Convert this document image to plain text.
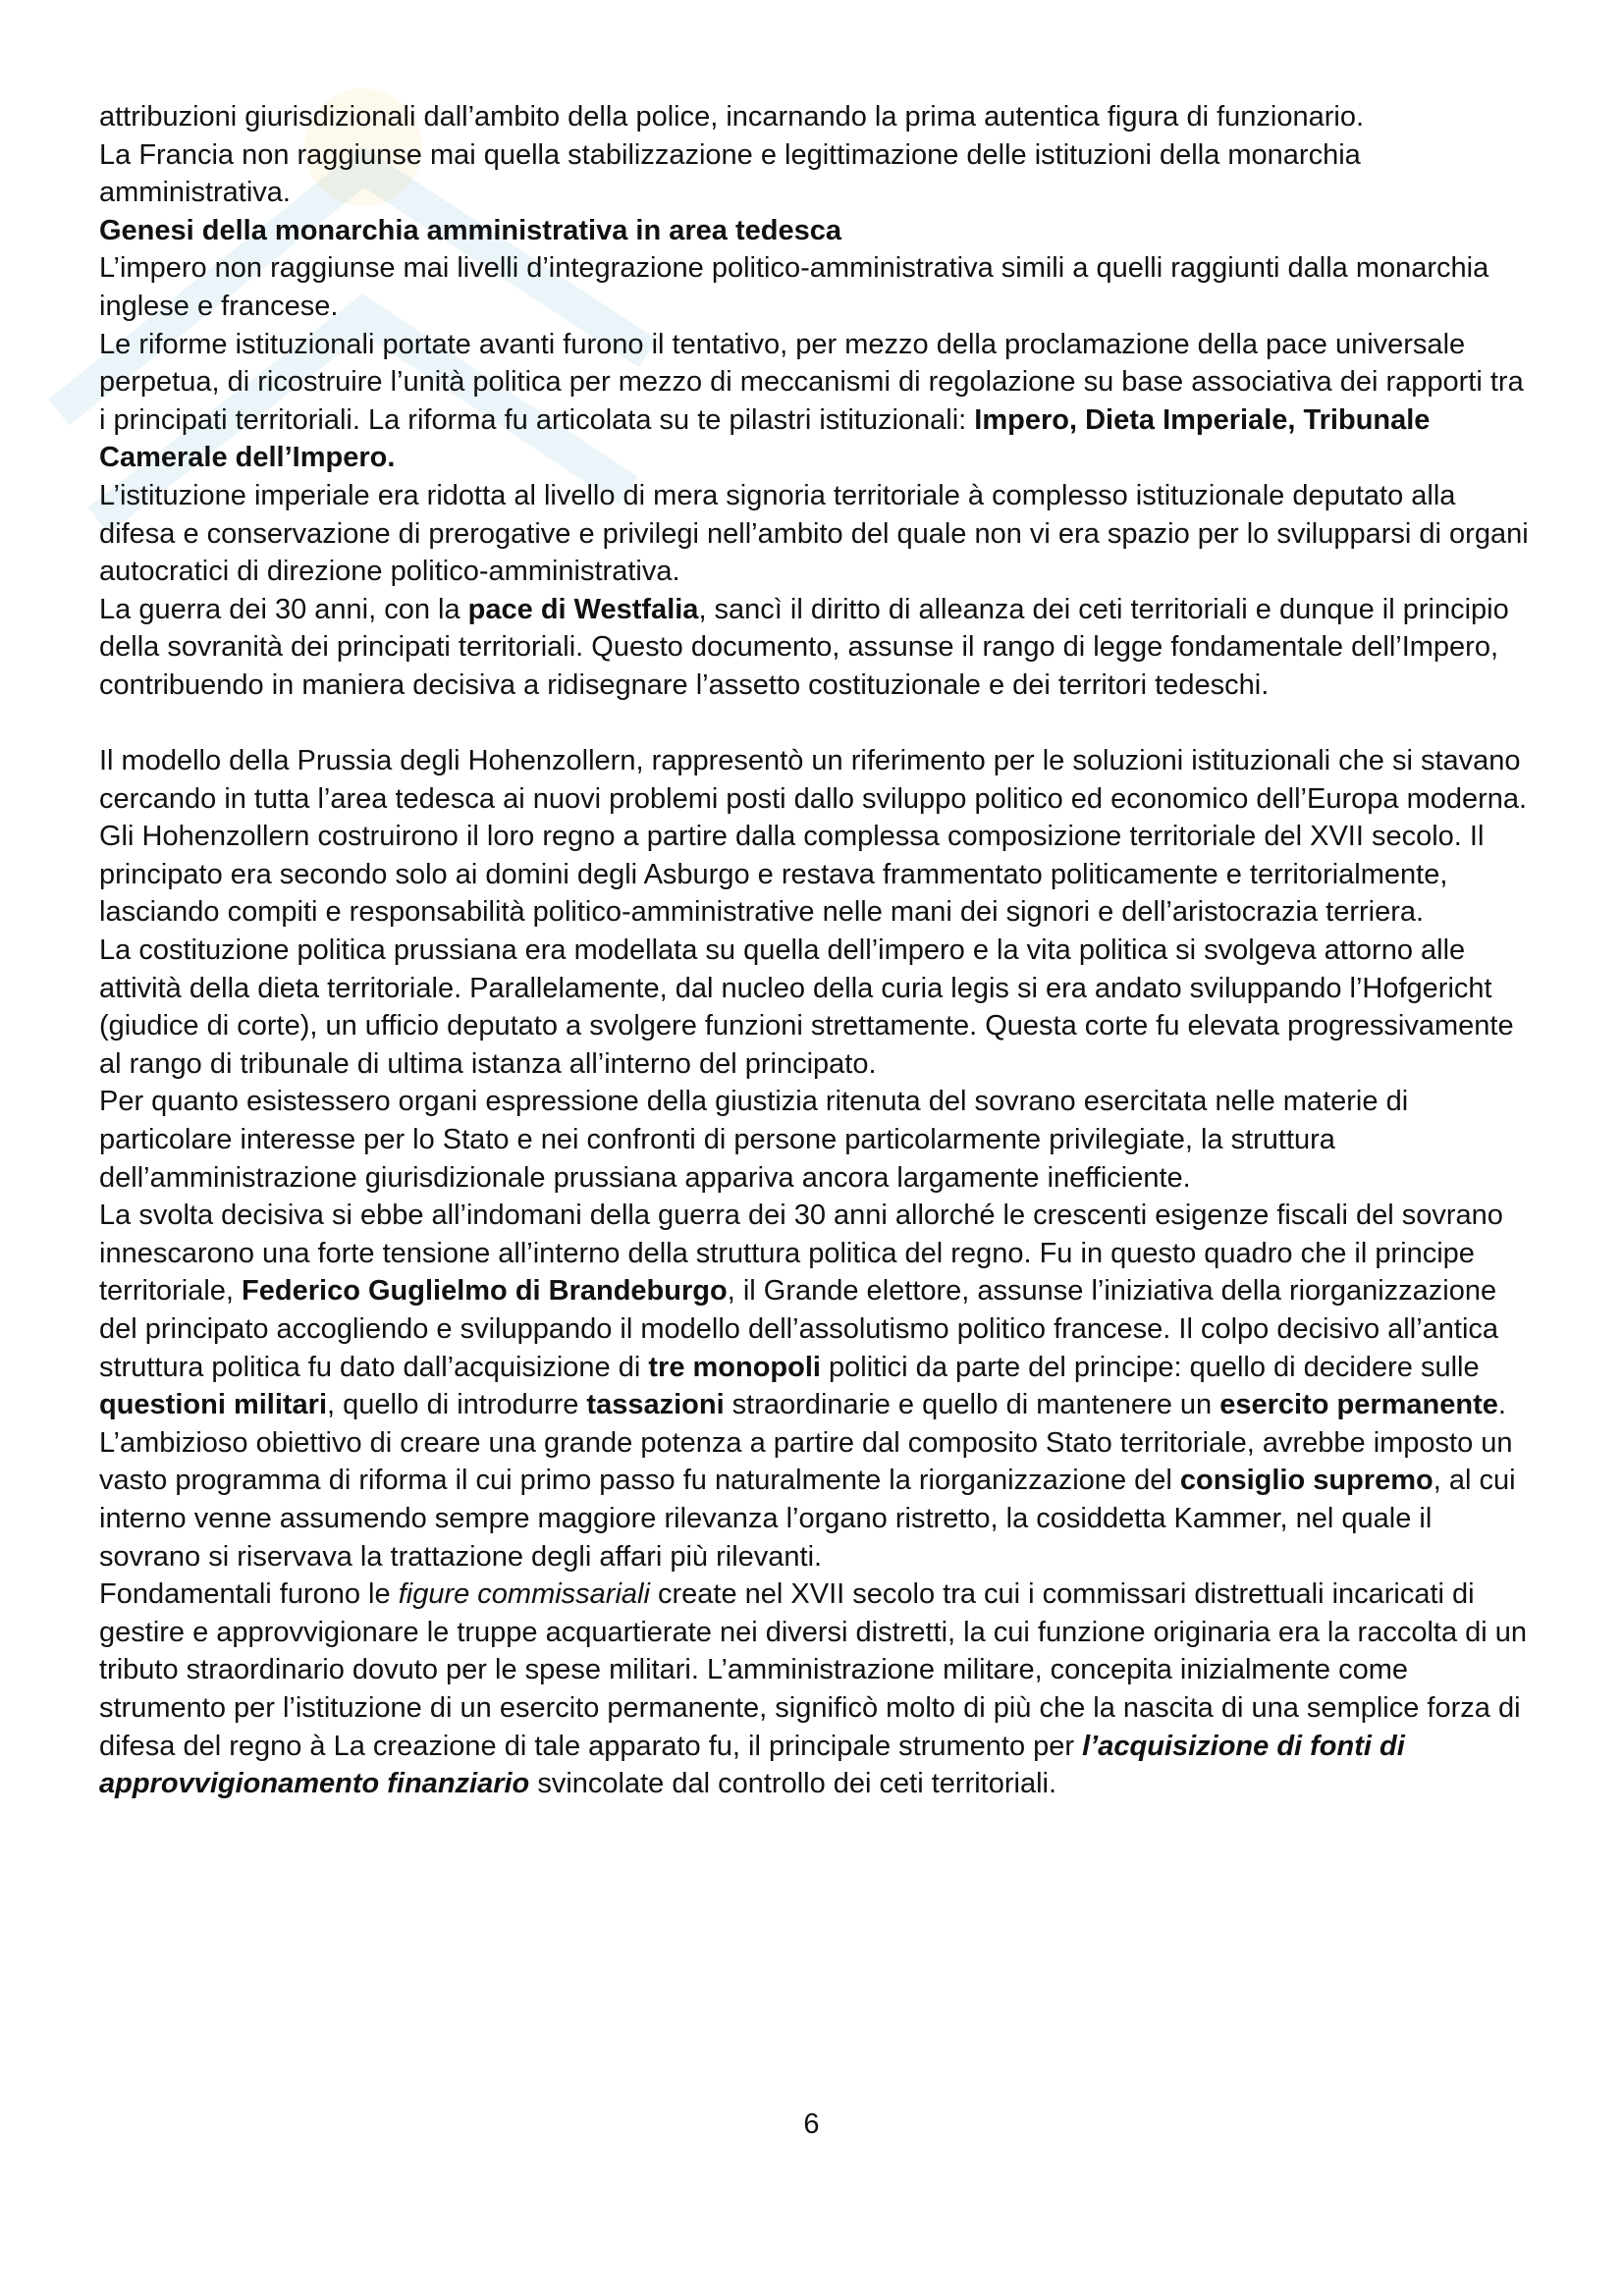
attribuzioni giurisdizionali dall’ambito della police, incarnando la prima autentica figura di funzionario.

La Francia non raggiunse mai quella stabilizzazione e legittimazione delle istituzioni della monarchia amministrativa.

Genesi della monarchia amministrativa in area tedesca

L’impero non raggiunse mai livelli d’integrazione politico-amministrativa simili a quelli raggiunti dalla monarchia inglese e francese.

Le riforme istituzionali portate avanti furono il tentativo, per mezzo della proclamazione della pace universale perpetua, di ricostruire l’unità politica per mezzo di meccanismi di regolazione su base associativa dei rapporti tra i principati territoriali. La riforma fu articolata su te pilastri istituzionali: Impero, Dieta Imperiale, Tribunale Camerale dell’Impero.

L’istituzione imperiale era ridotta al livello di mera signoria territoriale à complesso istituzionale deputato alla difesa e conservazione di prerogative e privilegi nell’ambito del quale non vi era spazio per lo svilupparsi di organi autocratici di direzione politico-amministrativa.

La guerra dei 30 anni, con la pace di Westfalia, sancì il diritto di alleanza dei ceti territoriali e dunque il principio della sovranità dei principati territoriali. Questo documento, assunse il rango di legge fondamentale dell’Impero, contribuendo in maniera decisiva a ridisegnare l’assetto costituzionale e dei territori tedeschi.

Il modello della Prussia degli Hohenzollern, rappresentò un riferimento per le soluzioni istituzionali che si stavano cercando in tutta l’area tedesca ai nuovi problemi posti dallo sviluppo politico ed economico dell’Europa moderna. Gli Hohenzollern costruirono il loro regno a partire dalla complessa composizione territoriale del XVII secolo. Il principato era secondo solo ai domini degli Asburgo e restava frammentato politicamente e territorialmente, lasciando compiti e responsabilità politico-amministrative nelle mani dei signori e dell’aristocrazia terriera.

La costituzione politica prussiana era modellata su quella dell’impero e la vita politica si svolgeva attorno alle attività della dieta territoriale. Parallelamente, dal nucleo della curia legis si era andato sviluppando l’Hofgericht (giudice di corte), un ufficio deputato a svolgere funzioni strettamente. Questa corte fu elevata progressivamente al rango di tribunale di ultima istanza all’interno del principato.

Per quanto esistessero organi espressione della giustizia ritenuta del sovrano esercitata nelle materie di particolare interesse per lo Stato e nei confronti di persone particolarmente privilegiate, la struttura dell’amministrazione giurisdizionale prussiana appariva ancora largamente inefficiente.

La svolta decisiva si ebbe all’indomani della guerra dei 30 anni allorché le crescenti esigenze fiscali del sovrano innescarono una forte tensione all’interno della struttura politica del regno. Fu in questo quadro che il principe territoriale, Federico Guglielmo di Brandeburgo, il Grande elettore, assunse l’iniziativa della riorganizzazione del principato accogliendo e sviluppando il modello dell’assolutismo politico francese. Il colpo decisivo all’antica struttura politica fu dato dall’acquisizione di tre monopoli politici da parte del principe: quello di decidere sulle questioni militari, quello di introdurre tassazioni straordinarie e quello di mantenere un esercito permanente.

L’ambizioso obiettivo di creare una grande potenza a partire dal composito Stato territoriale, avrebbe imposto un vasto programma di riforma il cui primo passo fu naturalmente la riorganizzazione del consiglio supremo, al cui interno venne assumendo sempre maggiore rilevanza l’organo ristretto, la cosiddetta Kammer, nel quale il sovrano si riservava la trattazione degli affari più rilevanti.

Fondamentali furono le figure commissariali create nel XVII secolo tra cui i commissari distrettuali incaricati di gestire e approvvigionare le truppe acquartierate nei diversi distretti, la cui funzione originaria era la raccolta di un tributo straordinario dovuto per le spese militari. L’amministrazione militare, concepita inizialmente come strumento per l’istituzione di un esercito permanente, significò molto di più che la nascita di una semplice forza di difesa del regno à La creazione di tale apparato fu, il principale strumento per l’acquisizione di fonti di approvvigionamento finanziario svincolate dal controllo dei ceti territoriali.

6
